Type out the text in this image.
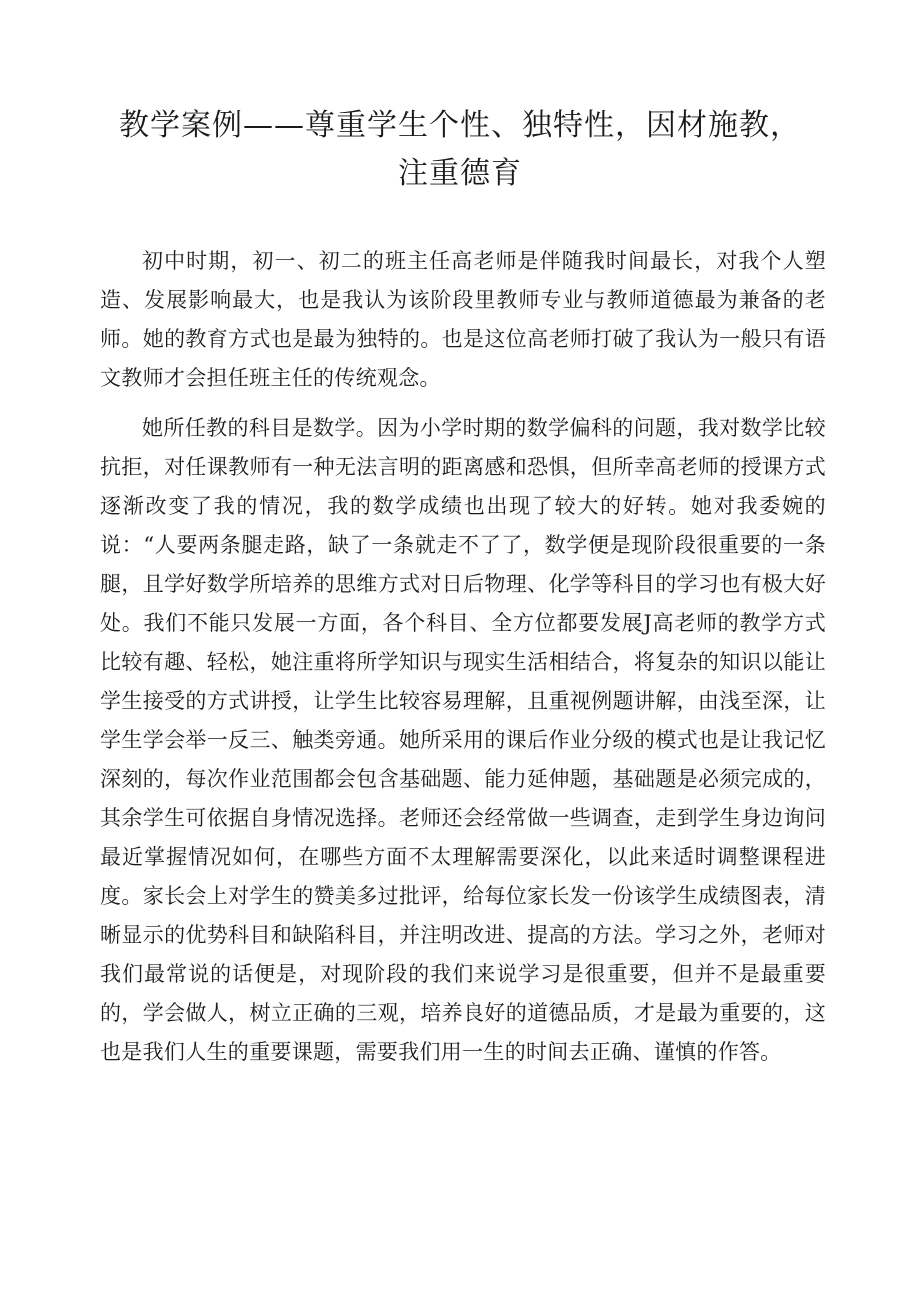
教学案例——尊重学生个性、独特性，因材施教，
注重德育

初中时期，初一、初二的班主任高老师是伴随我时间最长，对我个人塑造、发展影响最大，也是我认为该阶段里教师专业与教师道德最为兼备的老师。她的教育方式也是最为独特的。也是这位高老师打破了我认为一般只有语文教师才会担任班主任的传统观念。

她所任教的科目是数学。因为小学时期的数学偏科的问题，我对数学比较抗拒，对任课教师有一种无法言明的距离感和恐惧，但所幸高老师的授课方式逐渐改变了我的情况，我的数学成绩也出现了较大的好转。她对我委婉的说：“人要两条腿走路，缺了一条就走不了了，数学便是现阶段很重要的一条腿，且学好数学所培养的思维方式对日后物理、化学等科目的学习也有极大好处。我们不能只发展一方面，各个科目、全方位都要发展J高老师的教学方式比较有趣、轻松，她注重将所学知识与现实生活相结合，将复杂的知识以能让学生接受的方式讲授，让学生比较容易理解，且重视例题讲解，由浅至深，让学生学会举一反三、触类旁通。她所采用的课后作业分级的模式也是让我记忆深刻的，每次作业范围都会包含基础题、能力延伸题，基础题是必须完成的，其余学生可依据自身情况选择。老师还会经常做一些调查，走到学生身边询问最近掌握情况如何，在哪些方面不太理解需要深化，以此来适时调整课程进度。家长会上对学生的赞美多过批评，给每位家长发一份该学生成绩图表，清晰显示的优势科目和缺陷科目，并注明改进、提高的方法。学习之外，老师对我们最常说的话便是，对现阶段的我们来说学习是很重要，但并不是最重要的，学会做人，树立正确的三观，培养良好的道德品质，才是最为重要的，这也是我们人生的重要课题，需要我们用一生的时间去正确、谨慎的作答。
